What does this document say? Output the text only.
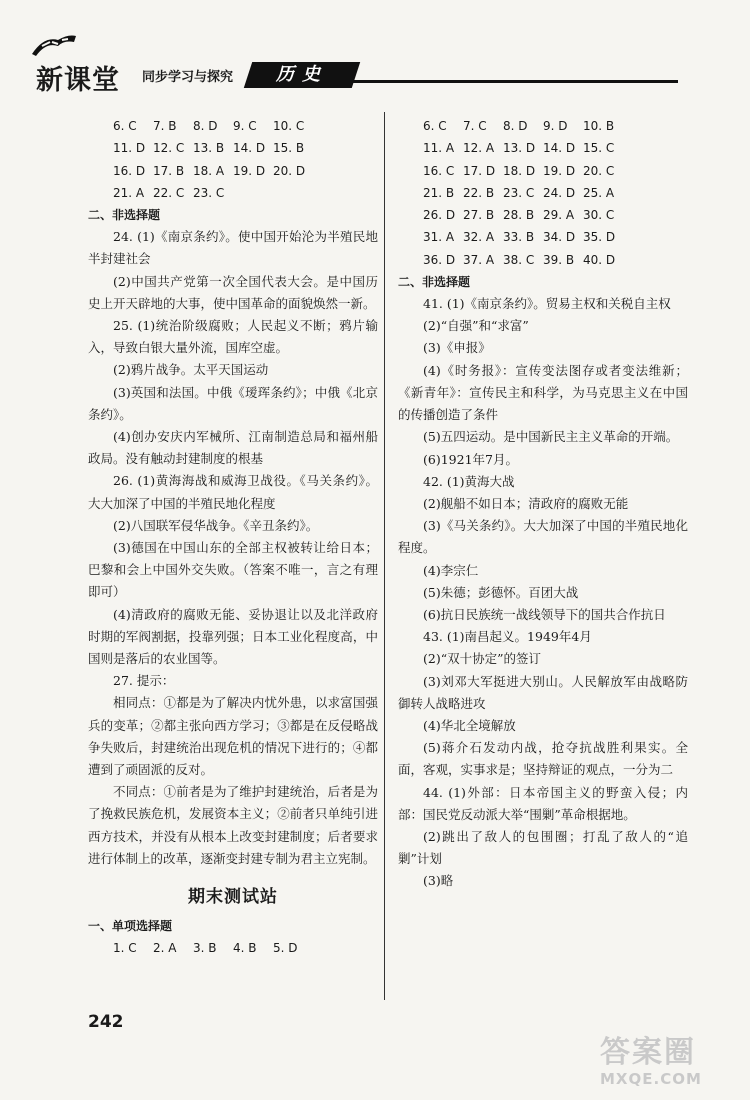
新课堂 同步学习与探究	历史
6. C 7. B 8. D 9. C 10. C
11. D 12. C 13. B 14. D 15. B
16. D 17. B 18. A 19. D 20. D
21. A 22. C 23. C
二、非选择题

24. (1)《南京条约》。使中国开始沦为半殖民地半封建社会

(2)中国共产党第一次全国代表大会。是中国历史上开天辟地的大事，使中国革命的面貌焕然一新。

25. (1)统治阶级腐败；人民起义不断；鸦片输入，导致白银大量外流，国库空虚。

(2)鸦片战争。太平天国运动

(3)英国和法国。中俄《瑷珲条约》；中俄《北京条约》。

(4)创办安庆内军械所、江南制造总局和福州船政局。没有触动封建制度的根基

26. (1)黄海海战和威海卫战役。《马关条约》。大大加深了中国的半殖民地化程度

(2)八国联军侵华战争。《辛丑条约》。

(3)德国在中国山东的全部主权被转让给日本；巴黎和会上中国外交失败。（答案不唯一，言之有理即可）

(4)清政府的腐败无能、妥协退让以及北洋政府时期的军阀割据，投靠列强；日本工业化程度高，中国则是落后的农业国等。

27. 提示：

相同点：①都是为了解决内忧外患，以求富国强兵的变革；②都主张向西方学习；③都是在反侵略战争失败后，封建统治出现危机的情况下进行的；④都遭到了顽固派的反对。

不同点：①前者是为了维护封建统治，后者是为了挽救民族危机，发展资本主义；②前者只单纯引进西方技术，并没有从根本上改变封建制度；后者要求进行体制上的改革，逐渐变封建专制为君主立宪制。

期末测试站
一、单项选择题
1. C 2. A 3. B 4. B 5. D
6. C 7. C 8. D 9. D 10. B
11. A 12. A 13. D 14. D 15. C
16. C 17. D 18. D 19. D 20. C
21. B 22. B 23. C 24. D 25. A
26. D 27. B 28. B 29. A 30. C
31. A 32. A 33. B 34. D 35. D
36. D 37. A 38. C 39. B 40. D
二、非选择题

41. (1)《南京条约》。贸易主权和关税自主权

(2)“自强”和“求富”

(3)《申报》

(4)《时务报》：宣传变法图存或者变法维新；《新青年》：宣传民主和科学，为马克思主义在中国的传播创造了条件

(5)五四运动。是中国新民主主义革命的开端。

(6)1921年7月。

42. (1)黄海大战

(2)舰船不如日本；清政府的腐败无能

(3)《马关条约》。大大加深了中国的半殖民地化程度。

(4)李宗仁

(5)朱德；彭德怀。百团大战

(6)抗日民族统一战线领导下的国共合作抗日

43. (1)南昌起义。1949年4月

(2)“双十协定”的签订

(3)刘邓大军挺进大别山。人民解放军由战略防御转人战略进攻

(4)华北全境解放

(5)蒋介石发动内战，抢夺抗战胜利果实。全面，客观，实事求是；坚持辩证的观点，一分为二

44. (1)外部：日本帝国主义的野蛮入侵；内部：国民党反动派大举“围剿”革命根据地。

(2)跳出了敌人的包围圈；打乱了敌人的“追剿”计划

(3)略

242
答案圈
MXQE.COM
